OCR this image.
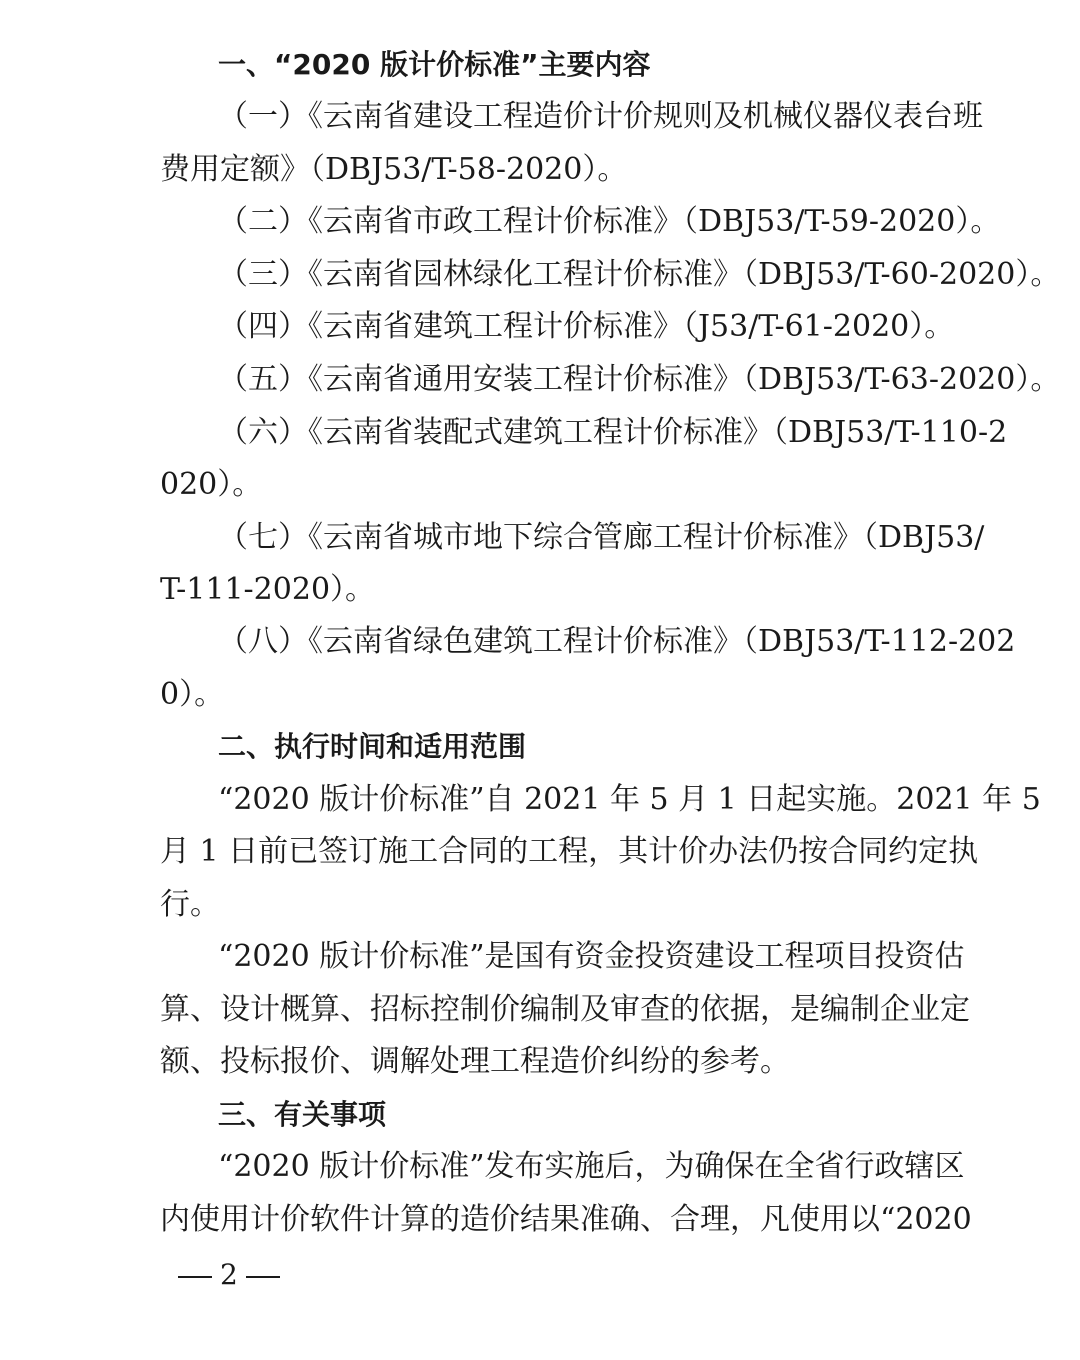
一、“2020 版计价标准”主要内容
（一）《云南省建设工程造价计价规则及机械仪器仪表台班
费用定额》（DBJ53/T-58-2020）。
（二）《云南省市政工程计价标准》（DBJ53/T-59-2020）。
（三）《云南省园林绿化工程计价标准》（DBJ53/T-60-2020）。
（四）《云南省建筑工程计价标准》（J53/T-61-2020）。
（五）《云南省通用安装工程计价标准》（DBJ53/T-63-2020）。
（六）《云南省装配式建筑工程计价标准》（DBJ53/T-110-2
020）。
（七）《云南省城市地下综合管廊工程计价标准》（DBJ53/
T-111-2020）。
（八）《云南省绿色建筑工程计价标准》（DBJ53/T-112-202
0）。
二、执行时间和适用范围
“2020 版计价标准”自 2021 年 5 月 1 日起实施。2021 年 5
月 1 日前已签订施工合同的工程，其计价办法仍按合同约定执
行。
“2020 版计价标准”是国有资金投资建设工程项目投资估
算、设计概算、招标控制价编制及审查的依据，是编制企业定
额、投标报价、调解处理工程造价纠纷的参考。
三、有关事项
“2020 版计价标准”发布实施后，为确保在全省行政辖区
内使用计价软件计算的造价结果准确、合理，凡使用以“2020
2
